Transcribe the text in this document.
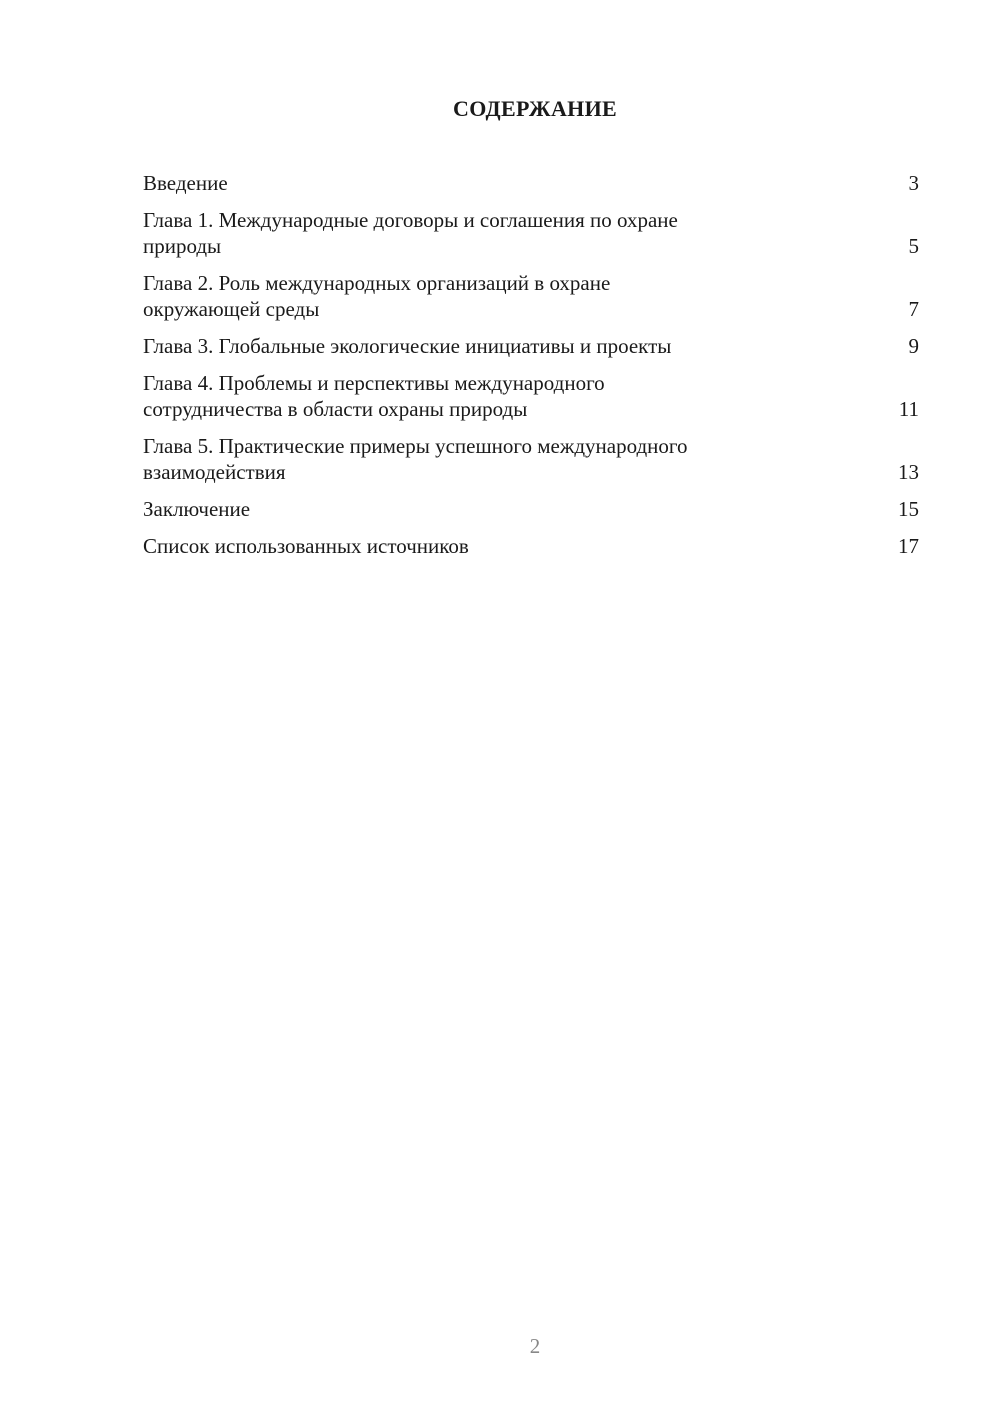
СОДЕРЖАНИЕ
Введение	3
Глава 1. Международные договоры и соглашения по охране
природы	5
Глава 2. Роль международных организаций в охране
окружающей среды	7
Глава 3. Глобальные экологические инициативы и проекты	9
Глава 4. Проблемы и перспективы международного
сотрудничества в области охраны природы	11
Глава 5. Практические примеры успешного международного
взаимодействия	13
Заключение	15
Список использованных источников	17
2
